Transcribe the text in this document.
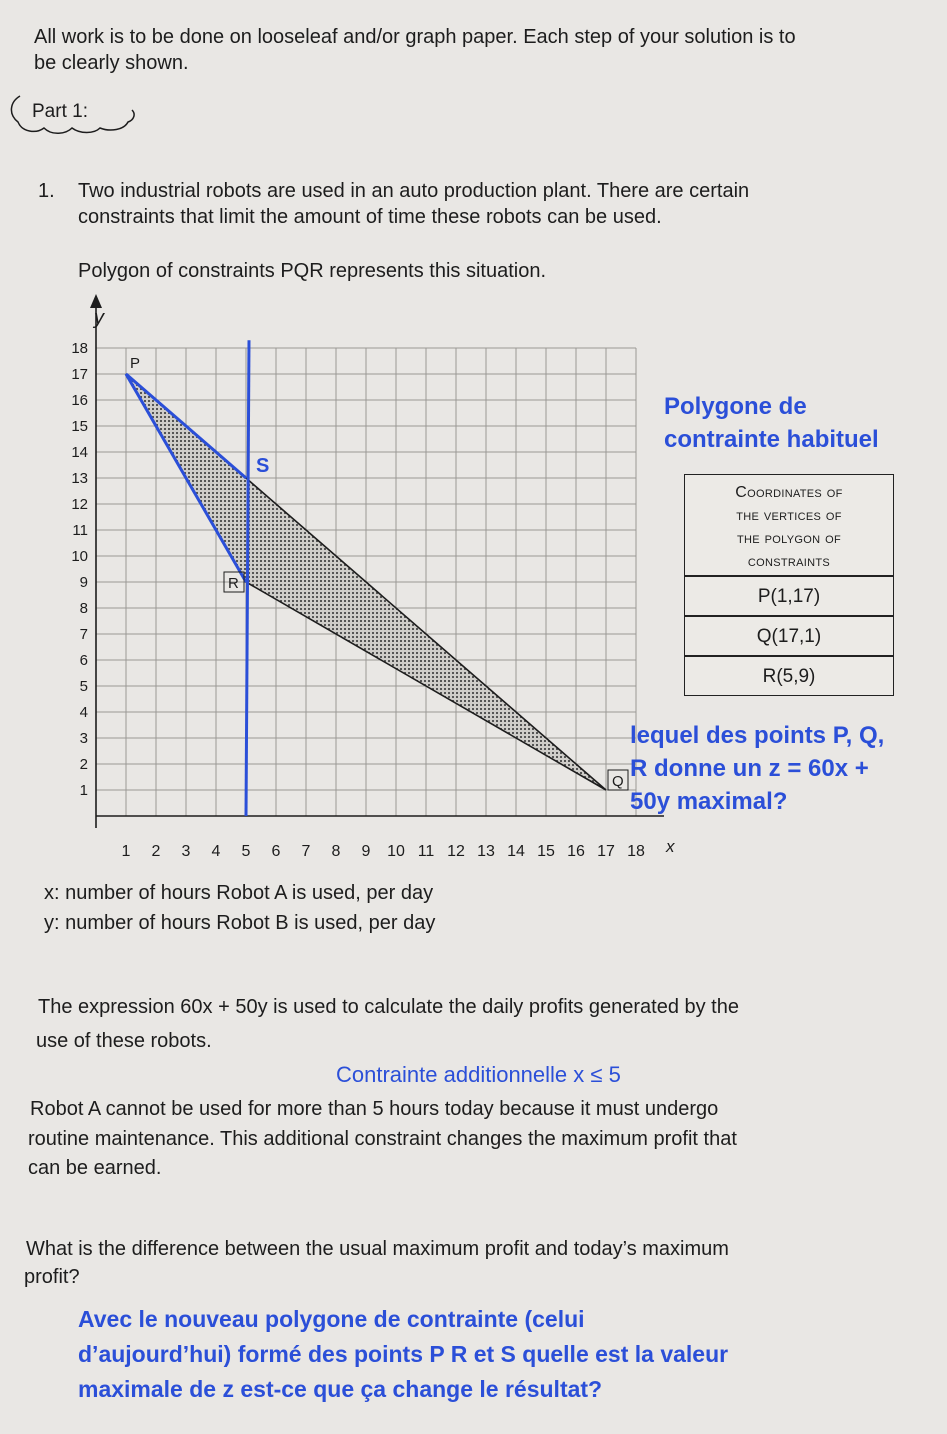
All work is to be done on looseleaf and/or graph paper. Each step of your solution is to
be clearly shown.
Part 1:
1. Two industrial robots are used in an auto production plant. There are certain
constraints that limit the amount of time these robots can be used.
Polygon of constraints PQR represents this situation.
1 2 3 4 5 6 7 8 9 10 11 12 13 14 15 16 17 18
1
2
3
4
5
6
7
8
9
10
11
12
13
14
15
16
17
18
x
y
P
R
Q
S
Polygone de
contrainte habituel
Coordinates of
the vertices of
the polygon of
constraints
P(1,17)
Q(17,1)
R(5,9)
lequel des points P, Q,
R donne un z = 60x +
50y maximal?
x: number of hours Robot A is used, per day
y: number of hours Robot B is used, per day
The expression 60x + 50y is used to calculate the daily profits generated by the
use of these robots.
Contrainte additionnelle x ≤ 5
Robot A cannot be used for more than 5 hours today because it must undergo
routine maintenance. This additional constraint changes the maximum profit that
can be earned.
What is the difference between the usual maximum profit and today’s maximum
profit?
Avec le nouveau polygone de contrainte (celui
d’aujourd’hui) formé des points P R et S quelle est la valeur
maximale de z est-ce que ça change le résultat?
